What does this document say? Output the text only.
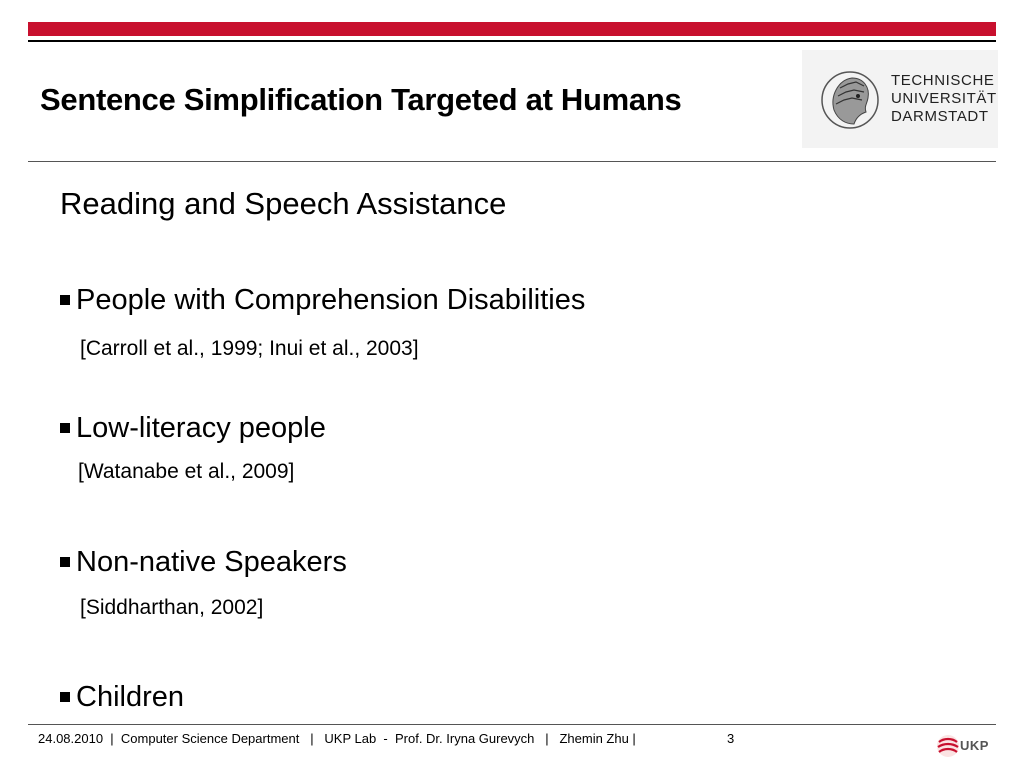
Sentence Simplification Targeted at Humans
TECHNISCHE
UNIVERSITÄT
DARMSTADT
Reading and Speech Assistance
People with Comprehension Disabilities
[Carroll et al., 1999; Inui et al., 2003]
Low-literacy people
[Watanabe et al., 2009]
Non-native Speakers
[Siddharthan, 2002]
Children
24.08.2010  |  Computer Science Department   |   UKP Lab  -  Prof. Dr. Iryna Gurevych   |   Zhemin Zhu |	3	UKP
